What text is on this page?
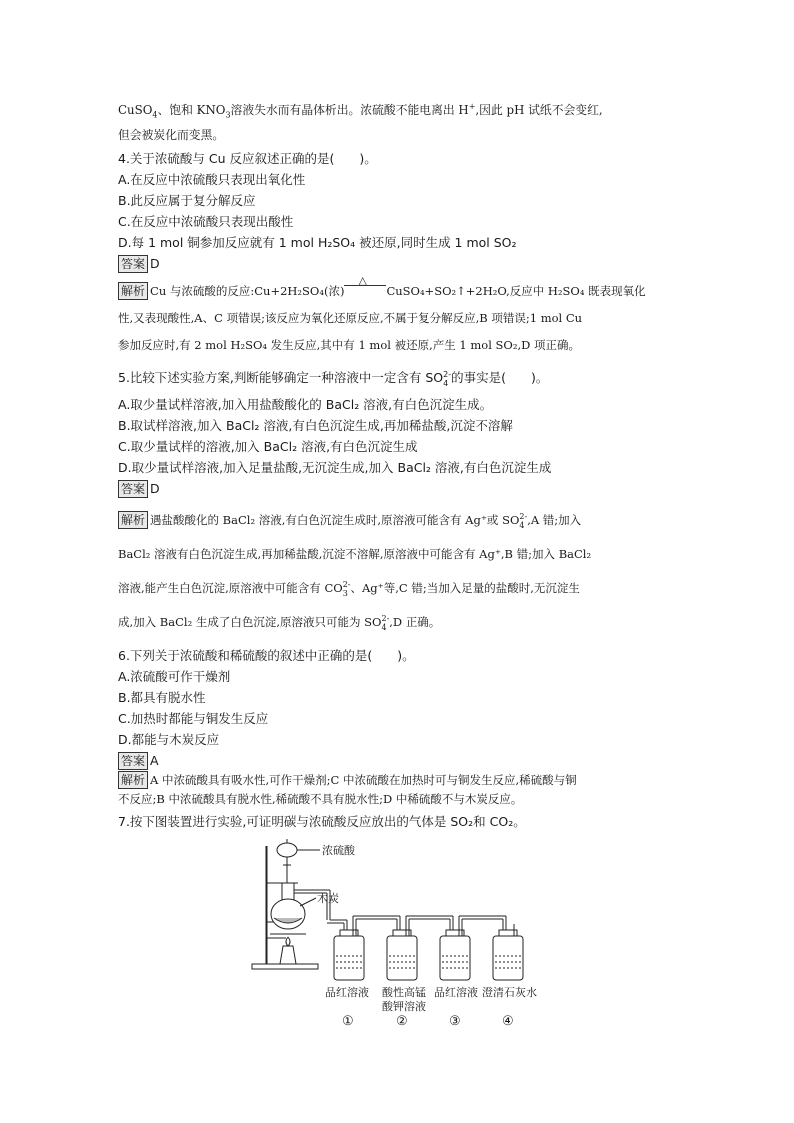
CuSO$_4$、饱和 $KNO_3$溶液失水而有晶体析出。浓硫酸不能电离出 H+,因此 pH 试纸不会变红,
但会被炭化而变黑。
4.关于浓硫酸与 Cu 反应叙述正确的是(　　)。
A.在反应中浓硫酸只表现出氧化性
B.此反应属于复分解反应
C.在反应中浓硫酸只表现出酸性
D.每 1 mol 铜参加反应就有 1 mol H₂SO₄ 被还原,同时生成 1 mol SO₂
答案 D
解析 Cu 与浓硫酸的反应:Cu+2H₂SO₄(浓)
△
CuSO₄+SO₂↑+2H₂O,反应中 H₂SO₄ 既表现氧化
性,又表现酸性,A、C 项错误;该反应为氧化还原反应,不属于复分解反应,B 项错误;1 mol Cu
参加反应时,有 2 mol H₂SO₄ 发生反应,其中有 1 mol 被还原,产生 1 mol SO₂,D 项正确。
5.比较下述实验方案,判断能够确定一种溶液中一定含有 SO 2-
4 的事实是(　　)。
A.取少量试样溶液,加入用盐酸酸化的 BaCl₂ 溶液,有白色沉淀生成。
B.取试样溶液,加入 BaCl₂ 溶液,有白色沉淀生成,再加稀盐酸,沉淀不溶解
C.取少量试样的溶液,加入 BaCl₂ 溶液,有白色沉淀生成
D.取少量试样溶液,加入足量盐酸,无沉淀生成,加入 BaCl₂ 溶液,有白色沉淀生成
答案 D
解析 遇盐酸酸化的 BaCl₂ 溶液,有白色沉淀生成时,原溶液可能含有 Ag⁺或 SO 2-
4 ,A 错;加入
BaCl₂ 溶液有白色沉淀生成,再加稀盐酸,沉淀不溶解,原溶液中可能含有 Ag⁺,B 错;加入 BaCl₂
溶液,能产生白色沉淀,原溶液中可能含有 CO 2-
3 、Ag⁺等,C 错;当加入足量的盐酸时,无沉淀生
成,加入 BaCl₂ 生成了白色沉淀,原溶液只可能为 SO 2-
4 ,D 正确。
6.下列关于浓硫酸和稀硫酸的叙述中正确的是(　　)。
A.浓硫酸可作干燥剂
B.都具有脱水性
C.加热时都能与铜发生反应
D.都能与木炭反应
答案 A
解析 A 中浓硫酸具有吸水性,可作干燥剂;C 中浓硫酸在加热时可与铜发生反应,稀硫酸与铜
不反应;B 中浓硫酸具有脱水性,稀硫酸不具有脱水性;D 中稀硫酸不与木炭反应。
7.按下图装置进行实验,可证明碳与浓硫酸反应放出的气体是 SO₂和 CO₂。
浓硫酸
木炭
品红溶液 酸性高锰
酸钾溶液
品红溶液 澄清石灰水
①	②	③	④
